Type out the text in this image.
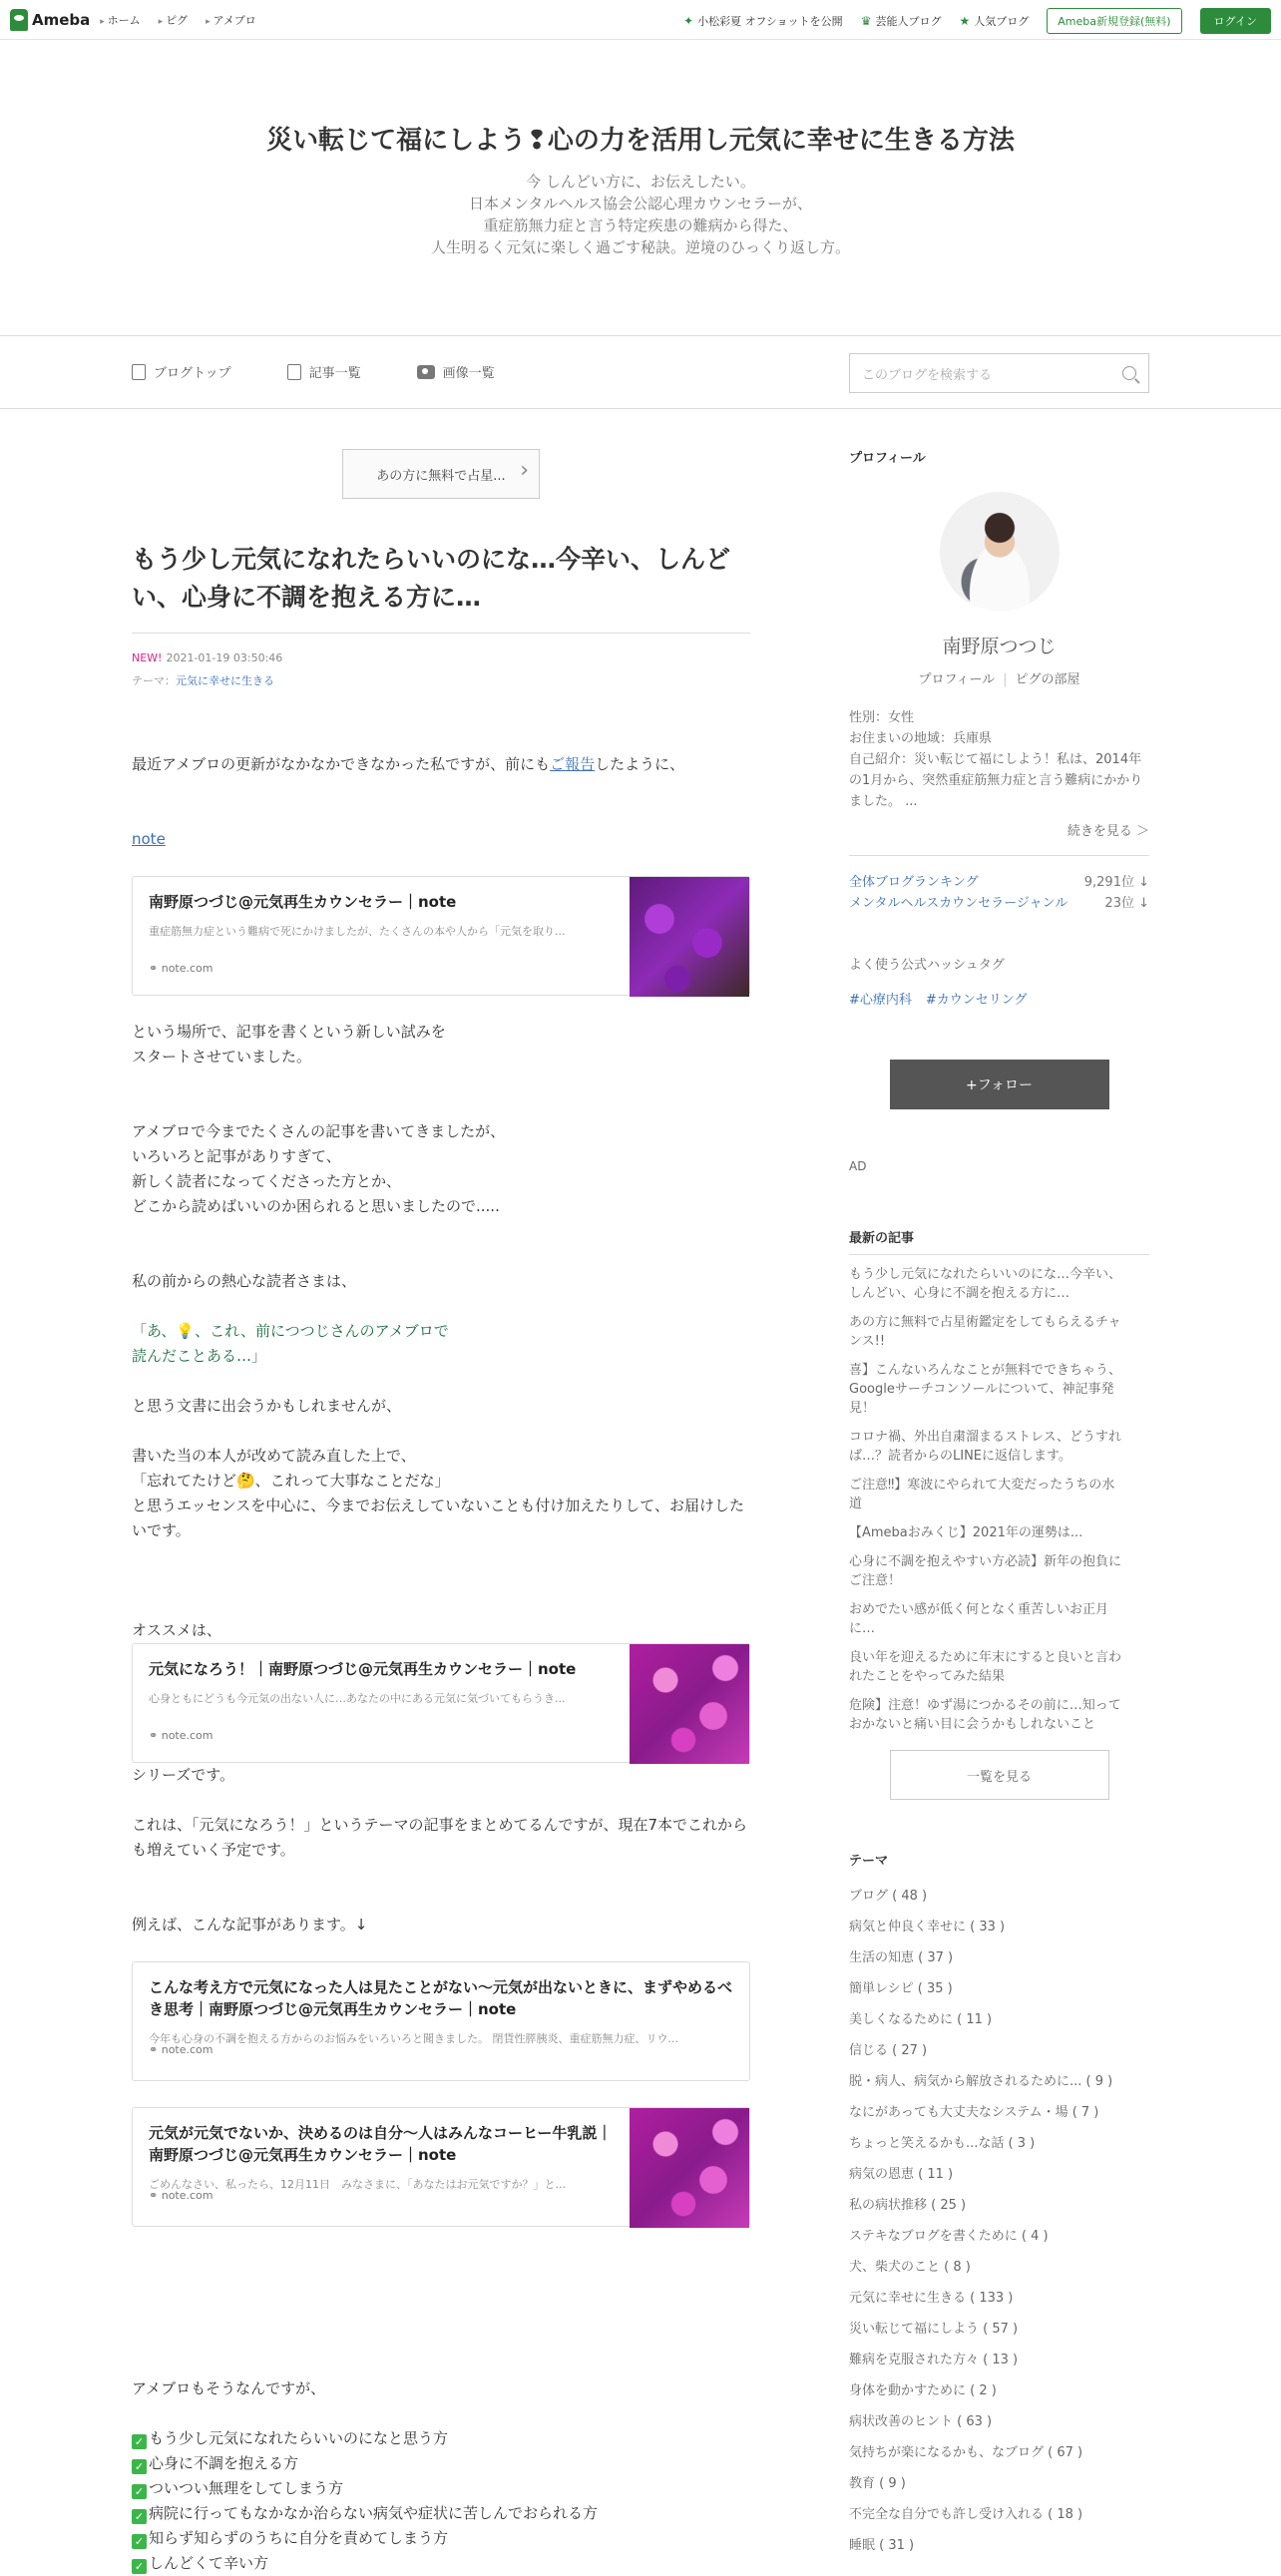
Ameba	▸ ホーム	▸ ピグ	▸ アメブロ	✦ 小松彩夏 オフショットを公開 ♛ 芸能人ブログ ★ 人気ブログ	Ameba新規登録(無料)	ログイン
災い転じて福にしよう❢心の力を活用し元気に幸せに生きる方法
今 しんどい方に、お伝えしたい。
日本メンタルヘルス協会公認心理カウンセラーが、
重症筋無力症と言う特定疾患の難病から得た、
人生明るく元気に楽しく過ごす秘訣。逆境のひっくり返し方。
ブログトップ	記事一覧	画像一覧	このブログを検索する
あの方に無料で占星... ›
もう少し元気になれたらいいのにな…今辛い、しんどい、心身に不調を抱える方に…
NEW! 2021-01-19 03:50:46
テーマ：元気に幸せに生きる
最近アメブロの更新がなかなかできなかった私ですが、前にもご報告したように、
note
南野原つづじ@元気再生カウンセラー｜note
重症筋無力症という難病で死にかけましたが、たくさんの本や人から「元気を取り...
⚭ note.com
という場所で、記事を書くという新しい試みを
スタートさせていました。
アメブロで今までたくさんの記事を書いてきましたが、
いろいろと記事がありすぎて、
新しく読者になってくださった方とか、
どこから読めばいいのか困られると思いましたので.....
私の前からの熱心な読者さまは、
「あ、💡、これ、前につつじさんのアメブロで
読んだことある…」
と思う文書に出会うかもしれませんが、
書いた当の本人が改めて読み直した上で、
「忘れてたけど🤔、これって大事なことだな」
と思うエッセンスを中心に、今までお伝えしていないことも付け加えたりして、お届けしたいです。
オススメは、
元気になろう！｜南野原つづじ@元気再生カウンセラー｜note
心身ともにどうも今元気の出ない人に…あなたの中にある元気に気づいてもらうき...
⚭ note.com
シリーズです。
これは、「元気になろう！」というテーマの記事をまとめてるんですが、現在7本でこれからも増えていく予定です。
例えば、こんな記事があります。↓
こんな考え方で元気になった人は見たことがない〜元気が出ないときに、まずやめるべき思考｜南野原つづじ@元気再生カウンセラー｜note
今年も心身の不調を抱える方からのお悩みをいろいろと聞きました。 閉貨性膵胰炎、重症筋無力症、リウ...
⚭ note.com
元気が元気でないか、決めるのは自分〜人はみんなコーヒー牛乳説｜南野原つづじ@元気再生カウンセラー｜note
ごめんなさい、私ったら、12月11日　みなさまに、「あなたはお元気ですか？」と...
⚭ note.com
アメブロもそうなんですが、
✓ もう少し元気になれたらいいのになと思う方
✓ 心身に不調を抱える方
✓ ついつい無理をしてしまう方
✓ 病院に行ってもなかなか治らない病気や症状に苦しんでおられる方
✓ 知らず知らずのうちに自分を責めてしまう方
✓ しんどくて辛い方
プロフィール
南野原つつじ
プロフィール | ピグの部屋
性別：女性
お住まいの地域：兵庫県
自己紹介：災い転じて福にしよう！私は、2014年の1月から、突然重症筋無力症と言う難病にかかりました。 ...
続きを見る ＞
全体ブログランキング	9,291位 ↓
メンタルヘルスカウンセラージャンル	23位 ↓
よく使う公式ハッシュタグ
#心療内科 #カウンセリング
+フォロー
AD
最新の記事
もう少し元気になれたらいいのにな…今辛い、
しんどい、心身に不調を抱える方に…
あの方に無料で占星術鑑定をしてもらえるチャ
ンス!!
喜】こんないろんなことが無料でできちゃう、
Googleサーチコンソールについて、神記事発
見！
コロナ禍、外出自粛溜まるストレス、どうすれ
ば…？読者からのLINEに返信します。
ご注意‼】寒波にやられて大変だったうちの水
道
【Amebaおみくじ】2021年の運勢は...
心身に不調を抱えやすい方必読】新年の抱負に
ご注意！
おめでたい感が低く何となく重苦しいお正月
に…
良い年を迎えるために年末にすると良いと言わ
れたことをやってみた結果
危険】注意！ゆず湯につかるその前に…知って
おかないと痛い目に会うかもしれないこと
一覧を見る
テーマ
ブログ ( 48 )
病気と仲良く幸せに ( 33 )
生活の知恵 ( 37 )
簡単レシピ ( 35 )
美しくなるために ( 11 )
信じる ( 27 )
脱・病人、病気から解放されるために... ( 9 )
なにがあっても大丈夫なシステム・場 ( 7 )
ちょっと笑えるかも...な話 ( 3 )
病気の恩恵 ( 11 )
私の病状推移 ( 25 )
ステキなブログを書くために ( 4 )
犬、柴犬のこと ( 8 )
元気に幸せに生きる ( 133 )
災い転じて福にしよう ( 57 )
難病を克服された方々 ( 13 )
身体を動かすために ( 2 )
病状改善のヒント ( 63 )
気持ちが楽になるかも、なブログ ( 67 )
教育 ( 9 )
不完全な自分でも許し受け入れる ( 18 )
睡眠 ( 31 )
